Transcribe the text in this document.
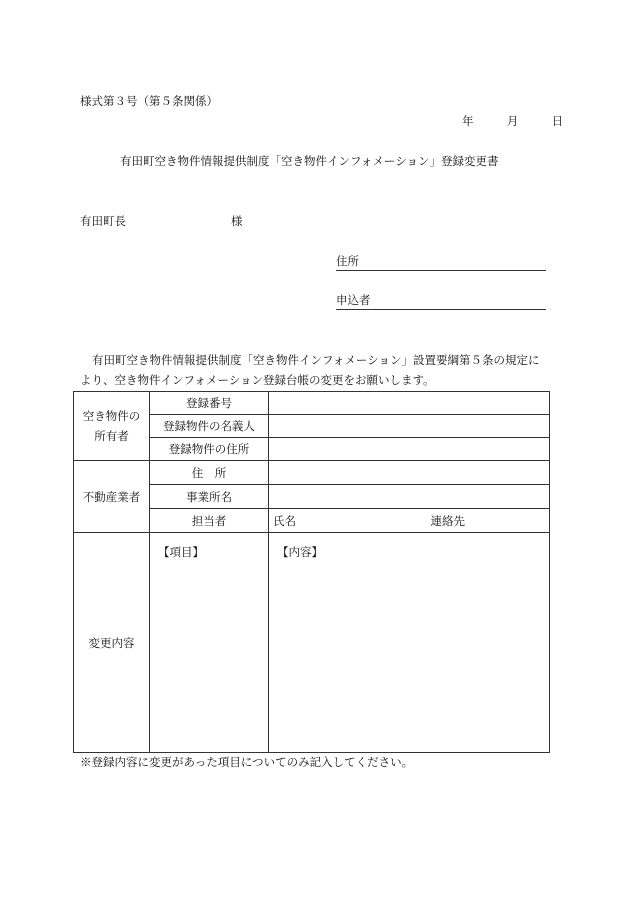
様式第３号（第５条関係）
年	月	日
有田町空き物件情報提供制度「空き物件インフォメーション」登録変更書
有田町長	様
住所
申込者
有田町空き物件情報提供制度「空き物件インフォメーション」設置要綱第５条の規定に
より、空き物件インフォメーション登録台帳の変更をお願いします。
空き物件の
所有者	登録番号	
	登録物件の名義人	
	登録物件の住所	
不動産業者	住　所	
	事業所名	
	担当者	氏名 連絡先

変更内容	【項目】	【内容】
※登録内容に変更があった項目についてのみ記入してください。
